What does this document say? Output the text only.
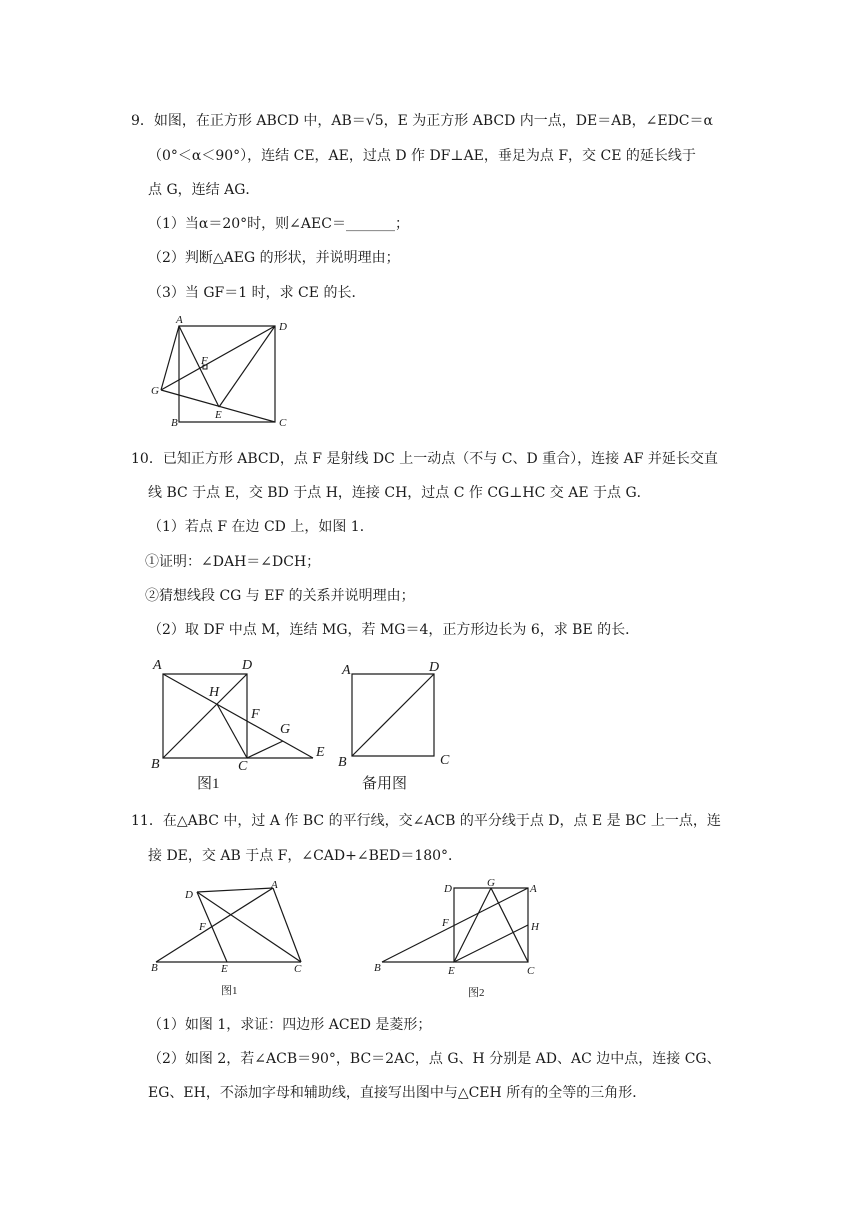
9．如图，在正方形 ABCD 中，AB＝√5，E 为正方形 ABCD 内一点，DE＝AB，∠EDC＝α
（0°＜α＜90°），连结 CE，AE，过点 D 作 DF⊥AE，垂足为点 F，交 CE 的延长线于
点 G，连结 AG．
（1）当α＝20°时，则∠AEC＝_______；
（2）判断△AEG 的形状，并说明理由；
（3）当 GF＝1 时，求 CE 的长．
A
D
F
G
B
E
C
10．已知正方形 ABCD，点 F 是射线 DC 上一动点（不与 C、D 重合），连接 AF 并延长交直
线 BC 于点 E，交 BD 于点 H，连接 CH，过点 C 作 CG⊥HC 交 AE 于点 G．
（1）若点 F 在边 CD 上，如图 1．
①证明：∠DAH＝∠DCH；
②猜想线段 CG 与 EF 的关系并说明理由；
（2）取 DF 中点 M，连结 MG，若 MG＝4，正方形边长为 6，求 BE 的长．
A	D
H
F
G
B	C
E
图1
A	D
B	C
备用图
11．在△ABC 中，过 A 作 BC 的平行线，交∠ACB 的平分线于点 D，点 E 是 BC 上一点，连
接 DE，交 AB 于点 F，∠CAD+∠BED＝180°．
D
A
F
B	E	C
图1
D	G	A
F	H
B	E	C
图2
（1）如图 1，求证：四边形 ACED 是菱形；
（2）如图 2，若∠ACB＝90°，BC＝2AC，点 G、H 分别是 AD、AC 边中点，连接 CG、
EG、EH，不添加字母和辅助线，直接写出图中与△CEH 所有的全等的三角形．
